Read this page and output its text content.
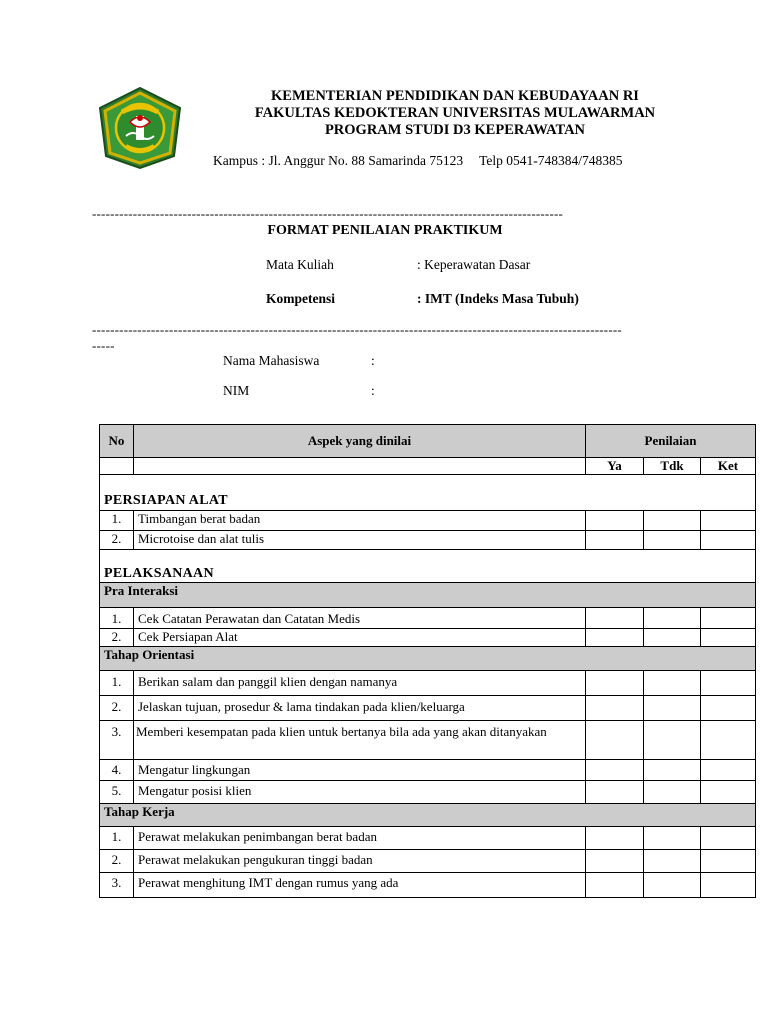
KEMENTERIAN PENDIDIKAN DAN KEBUDAYAAN RI
FAKULTAS KEDOKTERAN UNIVERSITAS MULAWARMAN
PROGRAM STUDI D3 KEPERAWATAN
Kampus : Jl. Anggur No. 88 Samarinda 75123 Telp 0541-748384/748385
--------------------------------------------------------------------------------------------------------
FORMAT PENILAIAN PRAKTIKUM
Mata Kuliah	: Keperawatan Dasar
Kompetensi	: IMT (Indeks Masa Tubuh)
---------------------------------------------------------------------------------------------------------------------
-----
Nama Mahasiswa	:
NIM	:
No	Aspek yang dinilai	Penilaian		
		Ya	Tdk	Ket
PERSIAPAN ALAT				
1.	Timbangan berat badan			
2.	Microtoise dan alat tulis			
PELAKSANAAN				
Pra Interaksi				
1.	Cek Catatan Perawatan dan Catatan Medis			
2.	Cek Persiapan Alat			
Tahap Orientasi				
1.	Berikan salam dan panggil klien dengan namanya			
2.	Jelaskan tujuan, prosedur & lama tindakan pada klien/keluarga			
3.	Memberi kesempatan pada klien untuk bertanya bila ada yang akan ditanyakan			
4.	Mengatur lingkungan			
5.	Mengatur posisi klien			
Tahap Kerja				
1.	Perawat melakukan penimbangan berat badan			
2.	Perawat melakukan pengukuran tinggi badan			
3.	Perawat menghitung IMT dengan rumus yang ada			
